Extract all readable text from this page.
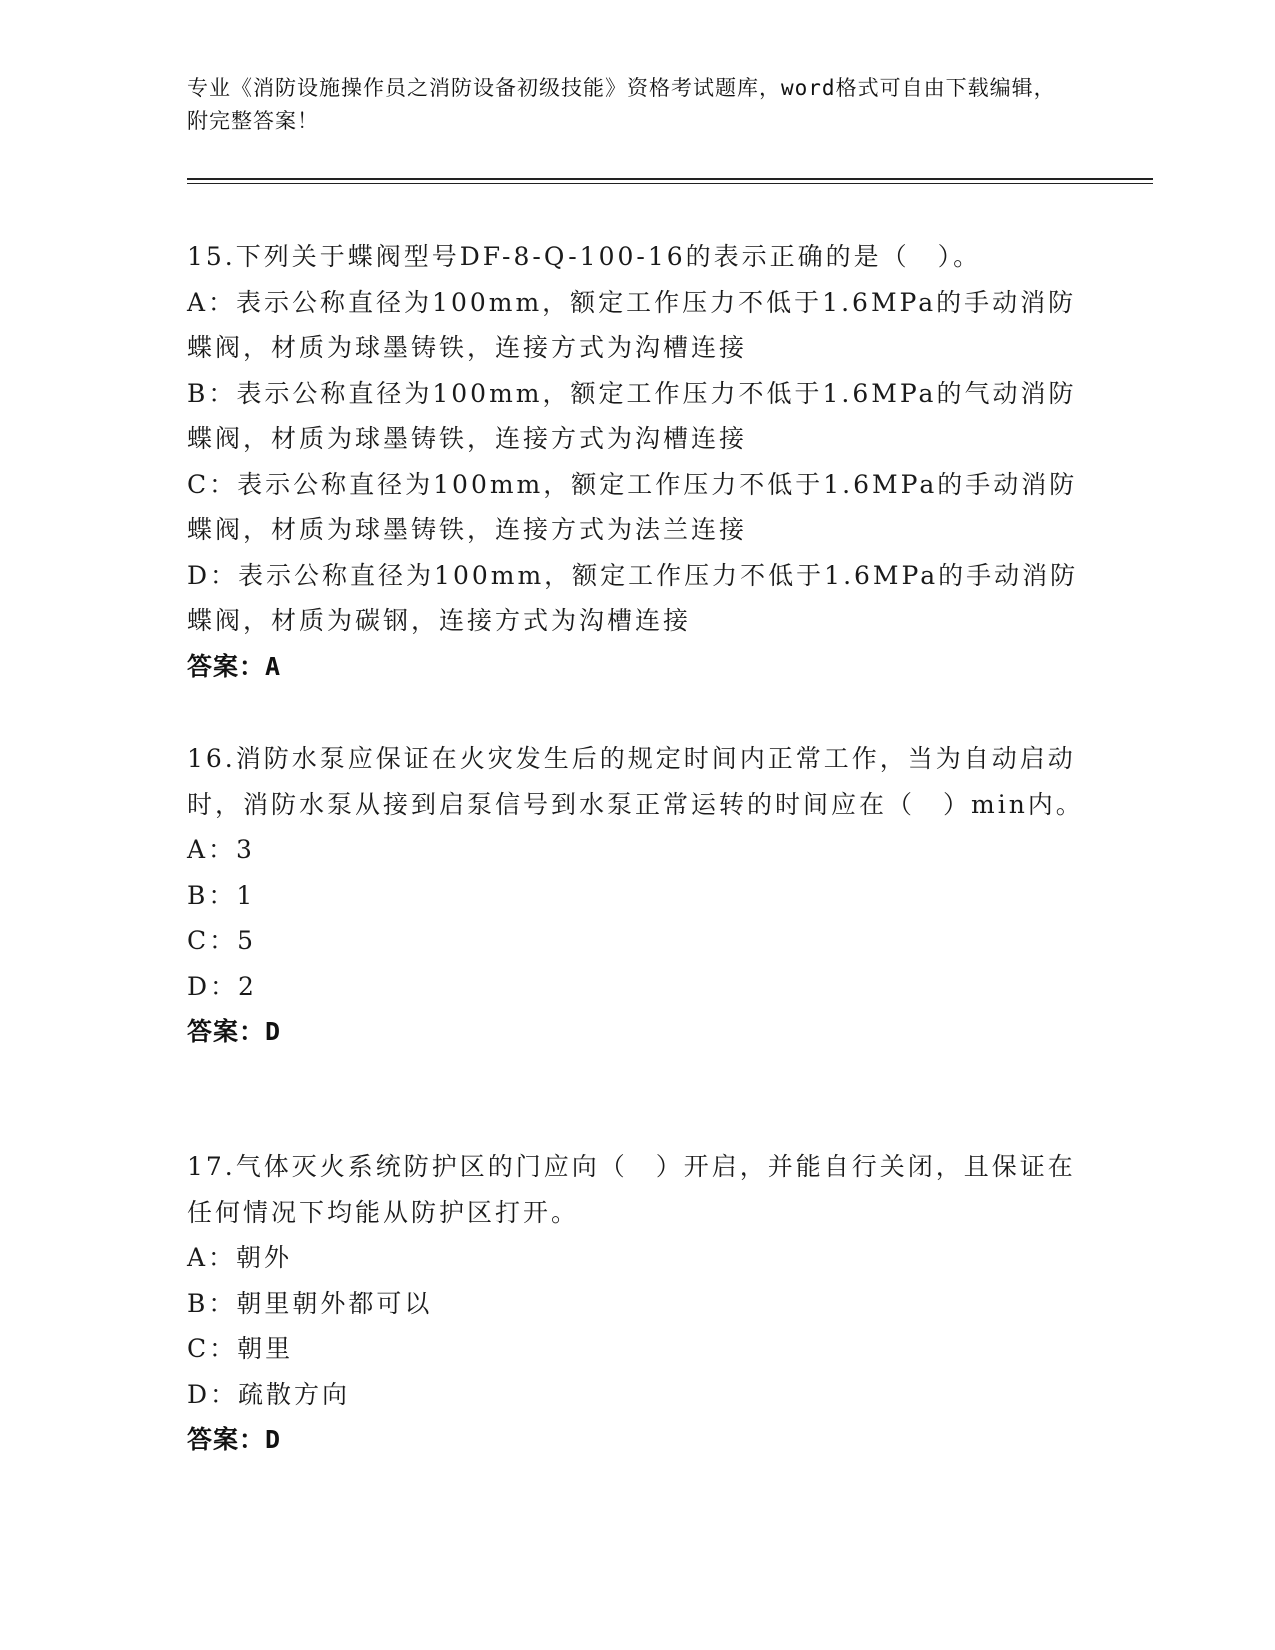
专业《消防设施操作员之消防设备初级技能》资格考试题库，word格式可自由下载编辑，附完整答案！

15.下列关于蝶阀型号DF-8-Q-100-16的表示正确的是（　）。

A：表示公称直径为100mm，额定工作压力不低于1.6MPa的手动消防蝶阀，材质为球墨铸铁，连接方式为沟槽连接

B：表示公称直径为100mm，额定工作压力不低于1.6MPa的气动消防蝶阀，材质为球墨铸铁，连接方式为沟槽连接

C：表示公称直径为100mm，额定工作压力不低于1.6MPa的手动消防蝶阀，材质为球墨铸铁，连接方式为法兰连接

D：表示公称直径为100mm，额定工作压力不低于1.6MPa的手动消防蝶阀，材质为碳钢，连接方式为沟槽连接

答案：A

16.消防水泵应保证在火灾发生后的规定时间内正常工作，当为自动启动时，消防水泵从接到启泵信号到水泵正常运转的时间应在（　）min内。

A：3

B：1

C：5

D：2

答案：D

17.气体灭火系统防护区的门应向（　）开启，并能自行关闭，且保证在任何情况下均能从防护区打开。

A：朝外

B：朝里朝外都可以

C：朝里

D：疏散方向

答案：D
